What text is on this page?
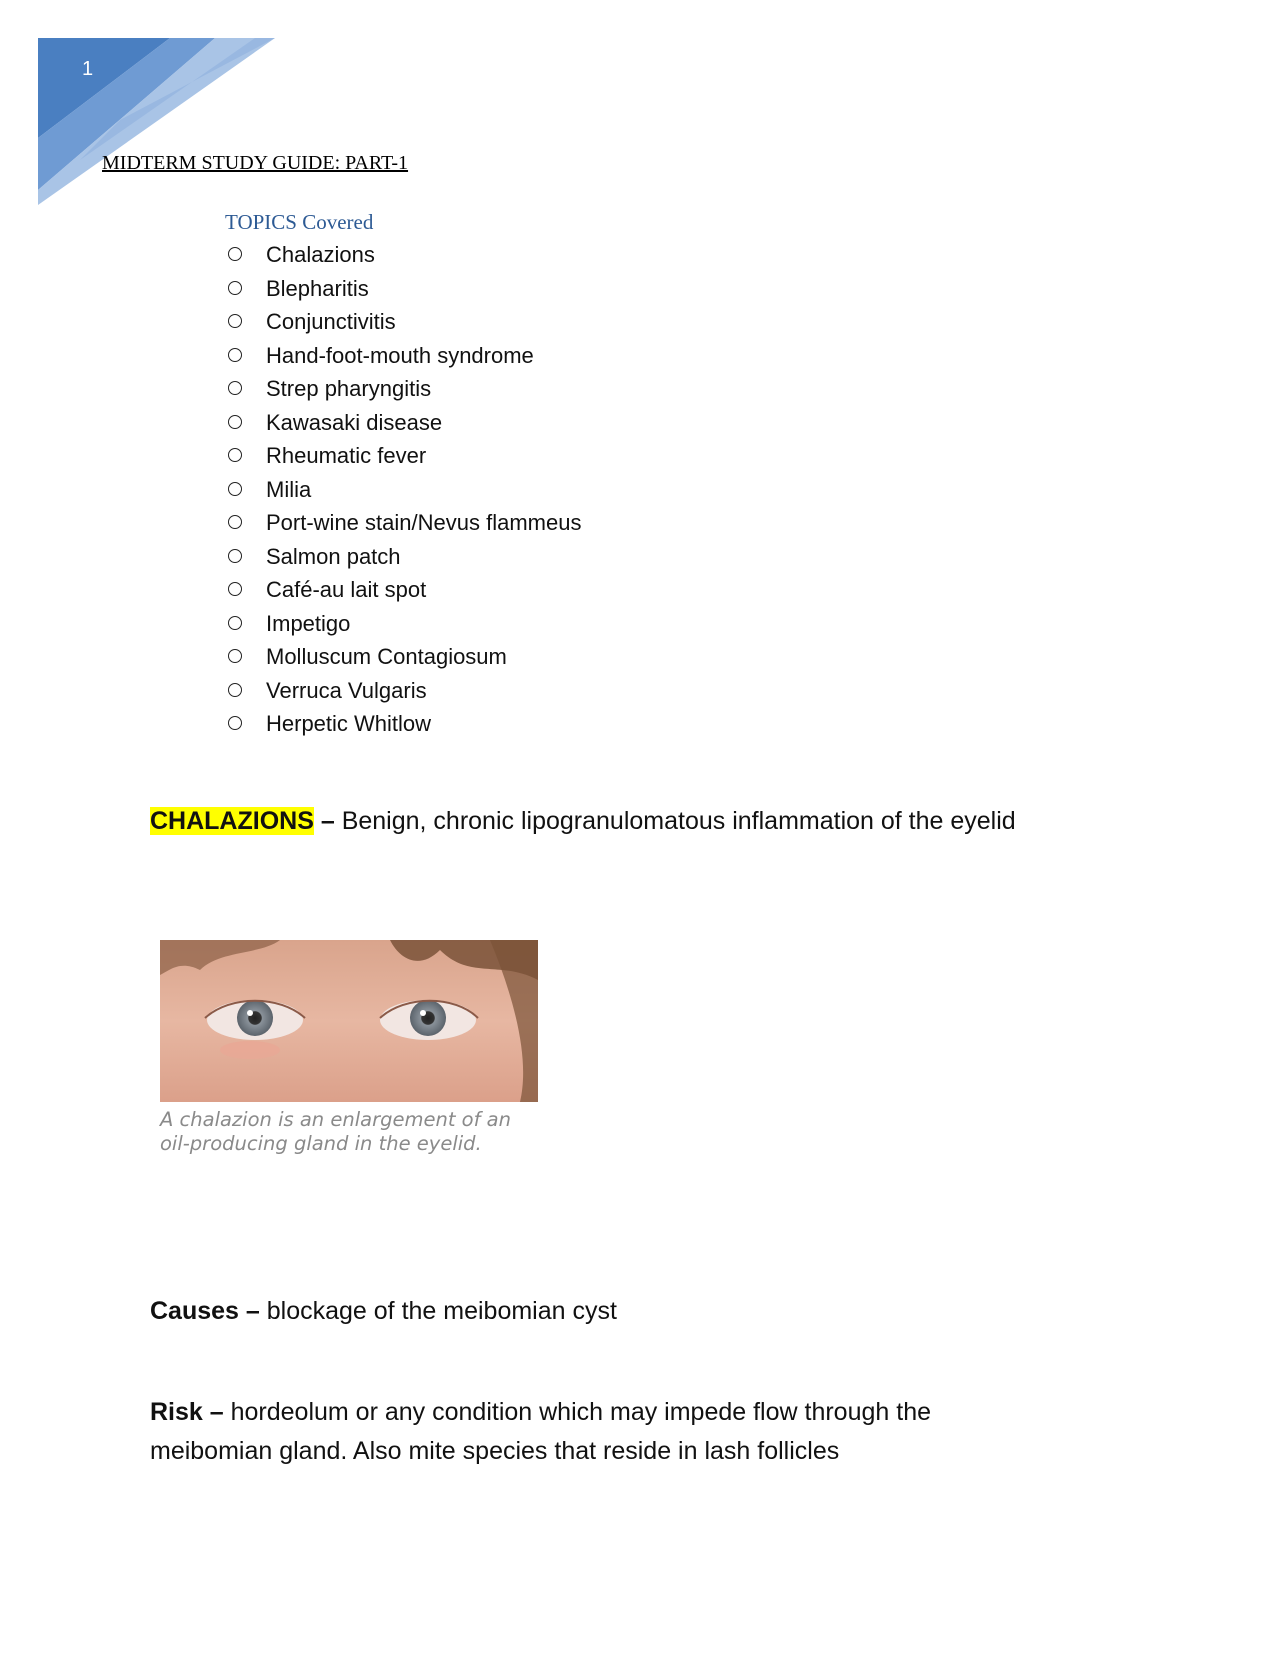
1
MIDTERM STUDY GUIDE: PART-1
TOPICS Covered
Chalazions
Blepharitis
Conjunctivitis
Hand-foot-mouth syndrome
Strep pharyngitis
Kawasaki disease
Rheumatic fever
Milia
Port-wine stain/Nevus flammeus
Salmon patch
Café-au lait spot
Impetigo
Molluscum Contagiosum
Verruca Vulgaris
Herpetic Whitlow
CHALAZIONS – Benign, chronic lipogranulomatous inflammation of the eyelid
A chalazion is an enlargement of an oil-producing gland in the eyelid.
Causes – blockage of the meibomian cyst
Risk – hordeolum or any condition which may impede flow through the meibomian gland. Also mite species that reside in lash follicles
